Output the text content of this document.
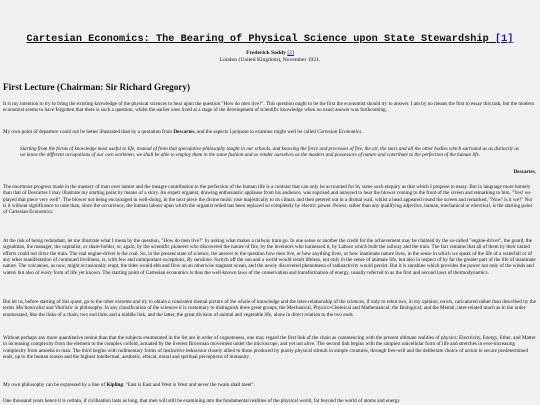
Cartesian Economics: The Bearing of Physical Science upon State Stewardship [1]
Frederick Soddy [2]
London (United Kingdom), November 1921.
First Lecture (Chairman: Sir Richard Gregory)
It is my intention to try to bring the existing knowledge of the physical sciences to bear upon the question "How do men live?". This question ought to be the first the economist should try to answer. I am by no means the first to essay this task, but the modern economist seems to have forgotten that there is such a question, whilst the earlier ones lived at a stage of the development of scientific knowledge when no exact answer was forthcoming.
My own point of departure could not be better illustrated than by a quotation from Descartes, and the aspects I propose to examine might well be called Cartesian Economics.
Starting from the forms of knowledge most useful to life, instead of from that speculative philosophy taught in our schools, and knowing the force and processes of fire, the air, the stars and all the other bodies which surround us as distinctly as we know the different occupations of our own workmen, we shall be able to employ them in the same fashion and so render ourselves as the masters and possessors of nature and contribute to the perfection of the human life.
Descartes,
The enormous progress made in the mastery of man over nature and the meagre contribution to the perfection of the human life is a contrast that can only be accounted for by some such enquiry as that which I propose to essay. But in language more homely than that of Descartes I may illustrate my starting point by means of a story. An expert organist, drawing enthusiastic applause from his audience, was suprised and annoyed to hear the blower coming to the front of the screen and remarking to him, "Yes! we played that piece very well". The blower not being encouraged in well-doing, in the next piece the divine music rose majestically to its climax and then petered out in a dismal wail, whilst a head appeared round the screen and remarked, "Now! is it we?" Nor is it without significance to note than, since the occurrence, the human labour upon which the organist relied has been replaced so completely by electric power. Power, rather than any qualifying adjective, human, mechanical or electrical, is the starting point of Cartesian Economics.
At the risk of being redundant, let me illustrate what I mean by the question, "How do men live?" by asking what makes a railway train go. In one sense or another the credit for the achievement may be claimed by the so-called "engine-driver", the guard, the signalman, the manager, the capitalist, or share-holder, or, again, by the scientific pioneers who discovered the nature of fire, by the inventors who harnessed it, by Labour which built the railway and the train. The fact remains that all of them by their united efforts could not drive the train. The real engine-driver is the coal. So, in the present state of science, the answer to the question how men live, or how anything lives, or how inanimate nature lives, in the sense in which we speak of the life of a waterfall or of any other manifestation of continued liveliness, is, with few and unimportant exceptions, By sunshine. Switch off the sun and a world would result lifeless, not only in the sense of animate life, but also in respect of by far the greater part of the life of inanimate nature. The volcanoes, as now, might occasionally erupt, the tides would ebb and flow on an otherwise stagnant ocean, and the newly discovered phenomena of radioactivity would persist. But it is sunshine which provides the power not only of the winds and waters but also of every form of life yet known. The starting point of Cartesian economics is thus the well-known laws of the conservation and transformation of energy, usually referred to as the first and second laws of thermodynamics.
But let us, before starting of this quest, go to the other extreme and try to obtain a consistent mental picture of the whole of knowledge and the inter-relationship of the sciences, if only to rebut two, in my opinion, errors, caricatured rather than described by the terms Mechanicalist and Vitalistic in philosophy. In any classification of the sciences it is customary to distinguish three great groups, the Mechanical, Physico-Chemical and Mathematical; the Biological; and the Mental, inter-related much as in the order enumerated, like the links of a chain, two end links and a middle link, and the latter, the great division of animal and vegetable life, alone in direct relation to the two ends.
Without perhaps any more quantitative notion than that the subjects enumerated in the list are in order of cogneteness, one may regard the first link of the chain as commencing with the present ultimate realities of physics; Electricity, Energy, Ether, and Matter in increasing complexity from the element to the complex colloid, actuated by the livelest Brownian movement under the microscope, and yet not alive. The second link begins with the simplest unicellular form of life and stretches in ever-increasing complexity from amoeba to man. The third begins with rudimentary forms of instinctive behaviour closely allied to those produced by purely physical stimuli in simple creatures, through free-will and the deliberate choice of action to secure predetermined ends, up to the human reason and the highest intellectual, aesthetic, ethical, moral and spiritual perceptions of humanity.
My own philosophy can be expressed by a line of Kipling: "East is East and West is West and never the twain shall meet".
One thousand years hence it is certain, if civilisation lasts as long, that men will still be examining into the fundamental realities of the physical world, far beyond the world of atoms and energy
